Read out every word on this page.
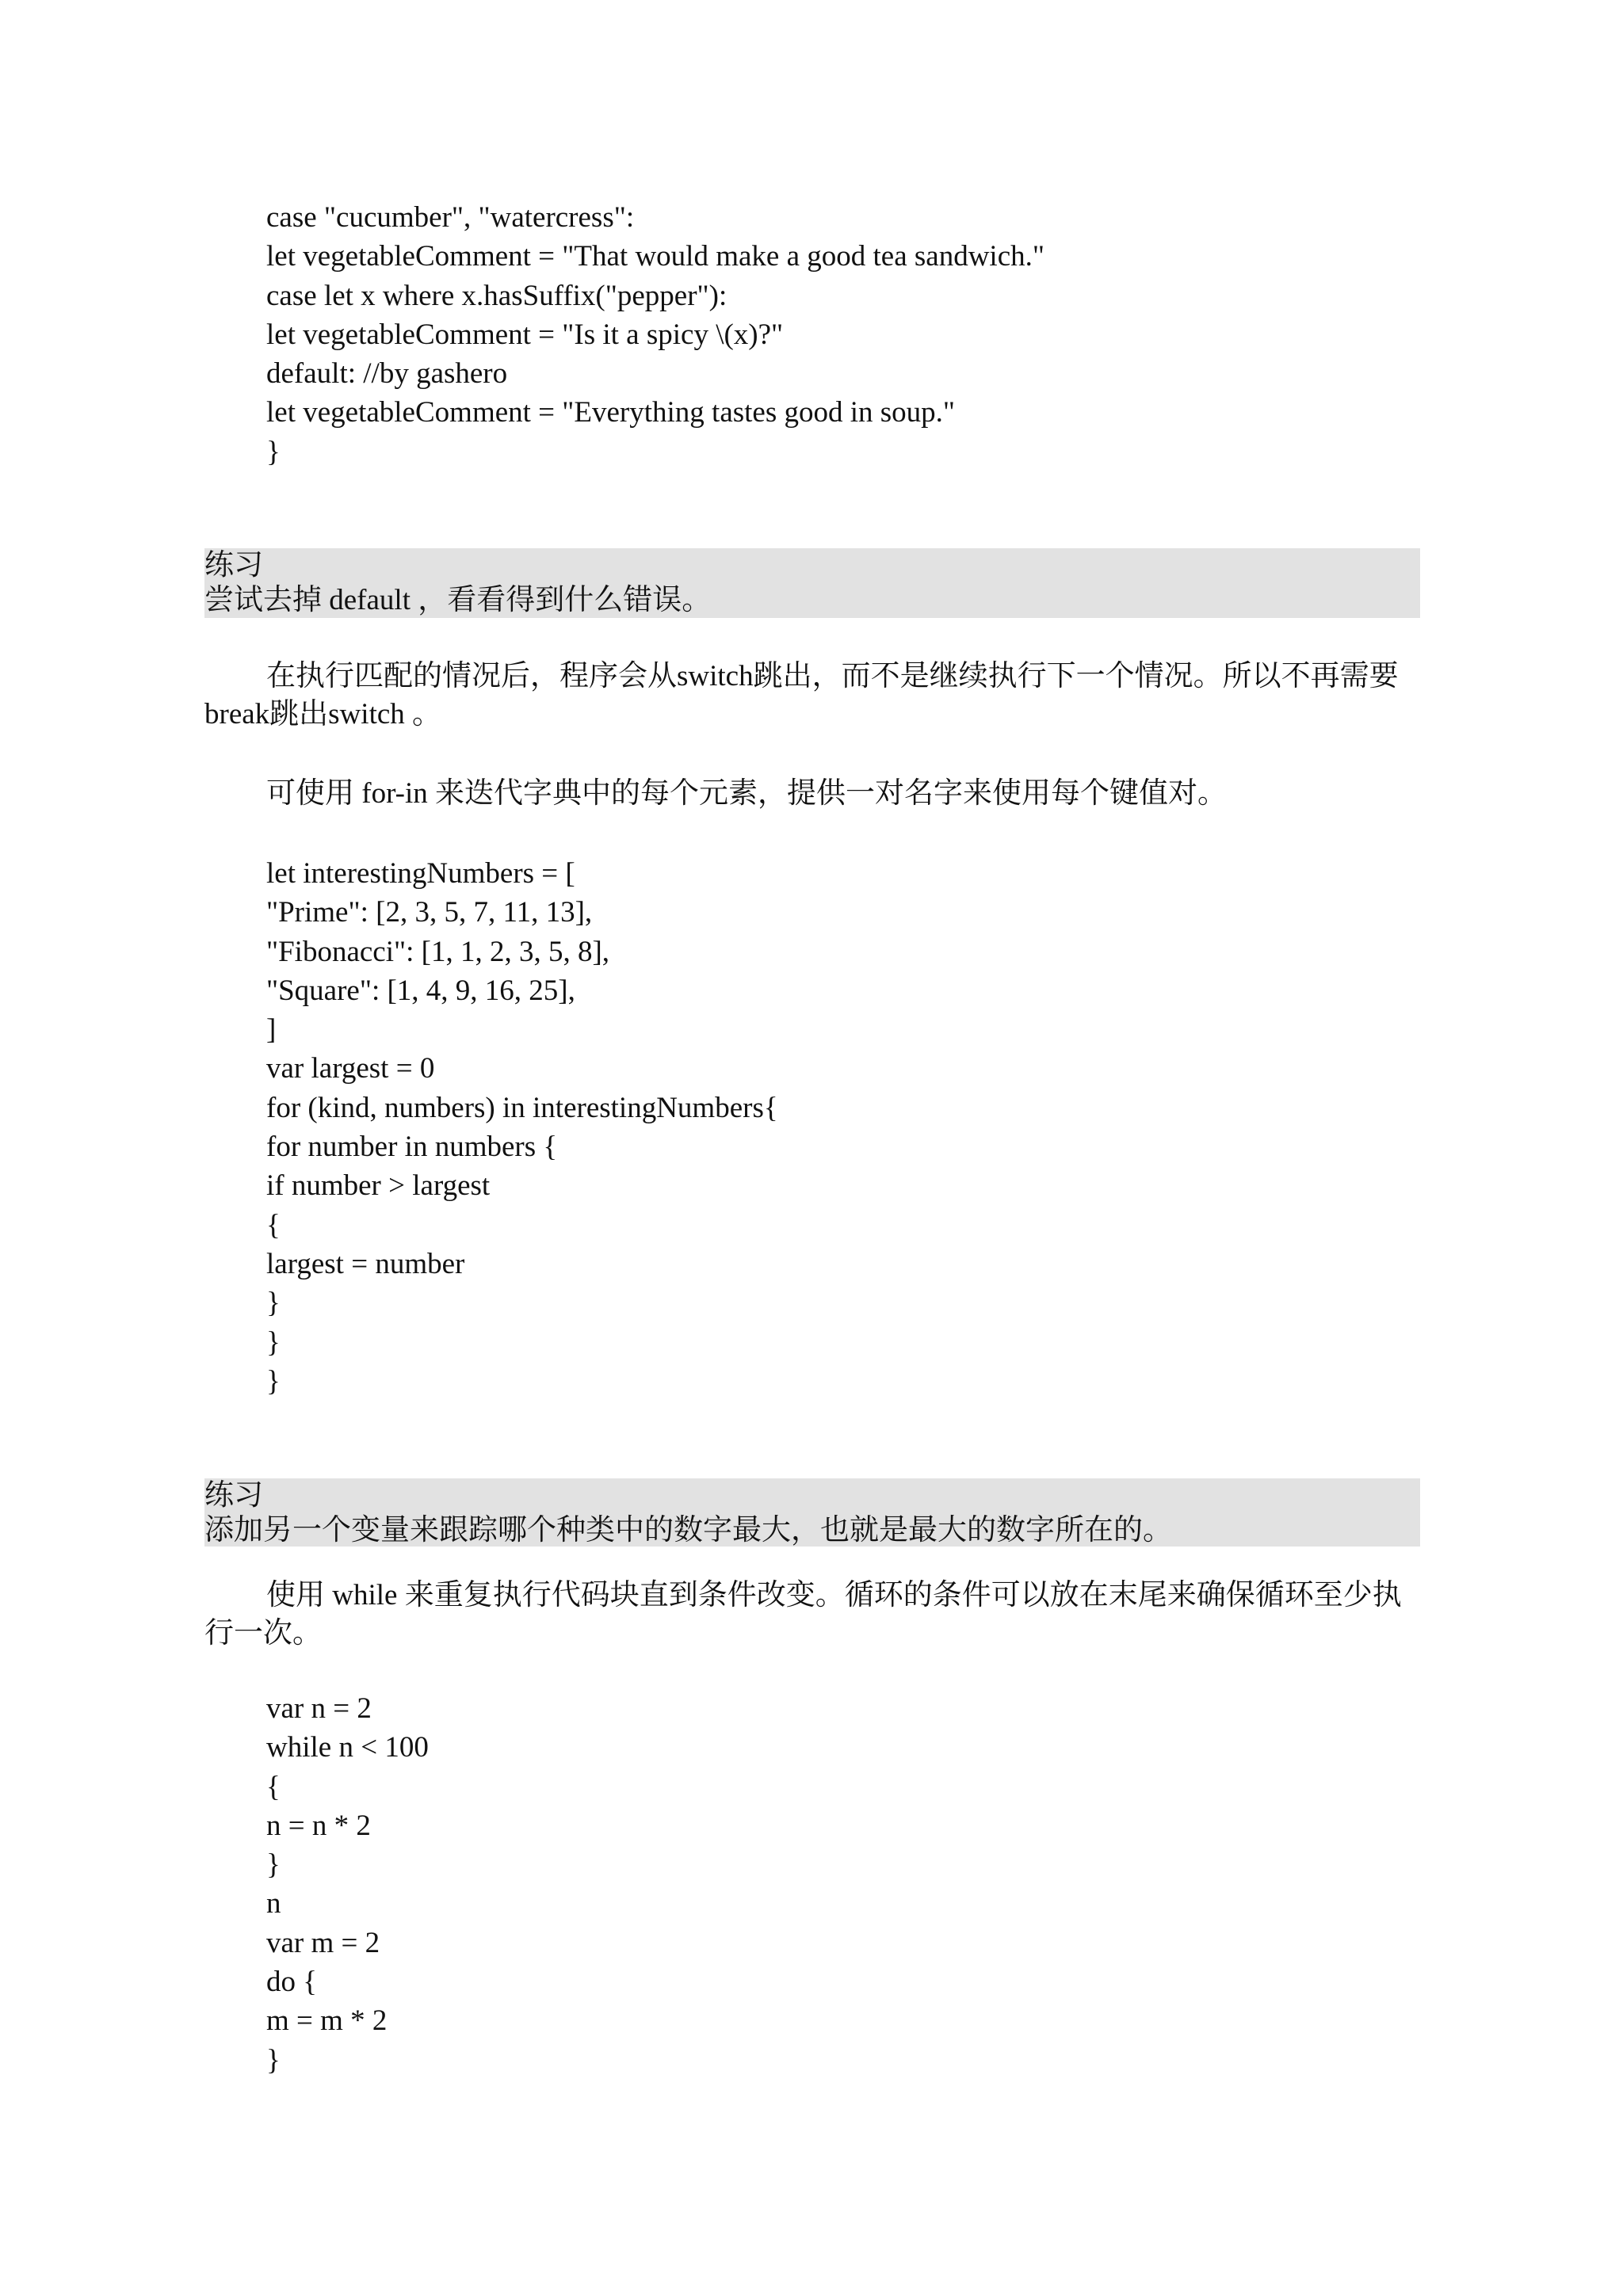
case "cucumber", "watercress":
let vegetableComment = "That would make a good tea sandwich."
case let x where x.hasSuffix("pepper"):
let vegetableComment = "Is it a spicy \(x)?"
default: //by gashero
let vegetableComment = "Everything tastes good in soup."
}
练习
尝试去掉 default ，看看得到什么错误。

在执行匹配的情况后，程序会从switch跳出，而不是继续执行下一个情况。所以不再需要break跳出switch 。

可使用 for-in 来迭代字典中的每个元素，提供一对名字来使用每个键值对。

let interestingNumbers = [
"Prime": [2, 3, 5, 7, 11, 13],
"Fibonacci": [1, 1, 2, 3, 5, 8],
"Square": [1, 4, 9, 16, 25],
]
var largest = 0
for (kind, numbers) in interestingNumbers{
for number in numbers {
if number > largest
{
largest = number
}
}
}
练习
添加另一个变量来跟踪哪个种类中的数字最大，也就是最大的数字所在的。

使用 while 来重复执行代码块直到条件改变。循环的条件可以放在末尾来确保循环至少执行一次。

var n = 2
while n < 100
{
n = n * 2
}
n
var m = 2
do {
m = m * 2
}
